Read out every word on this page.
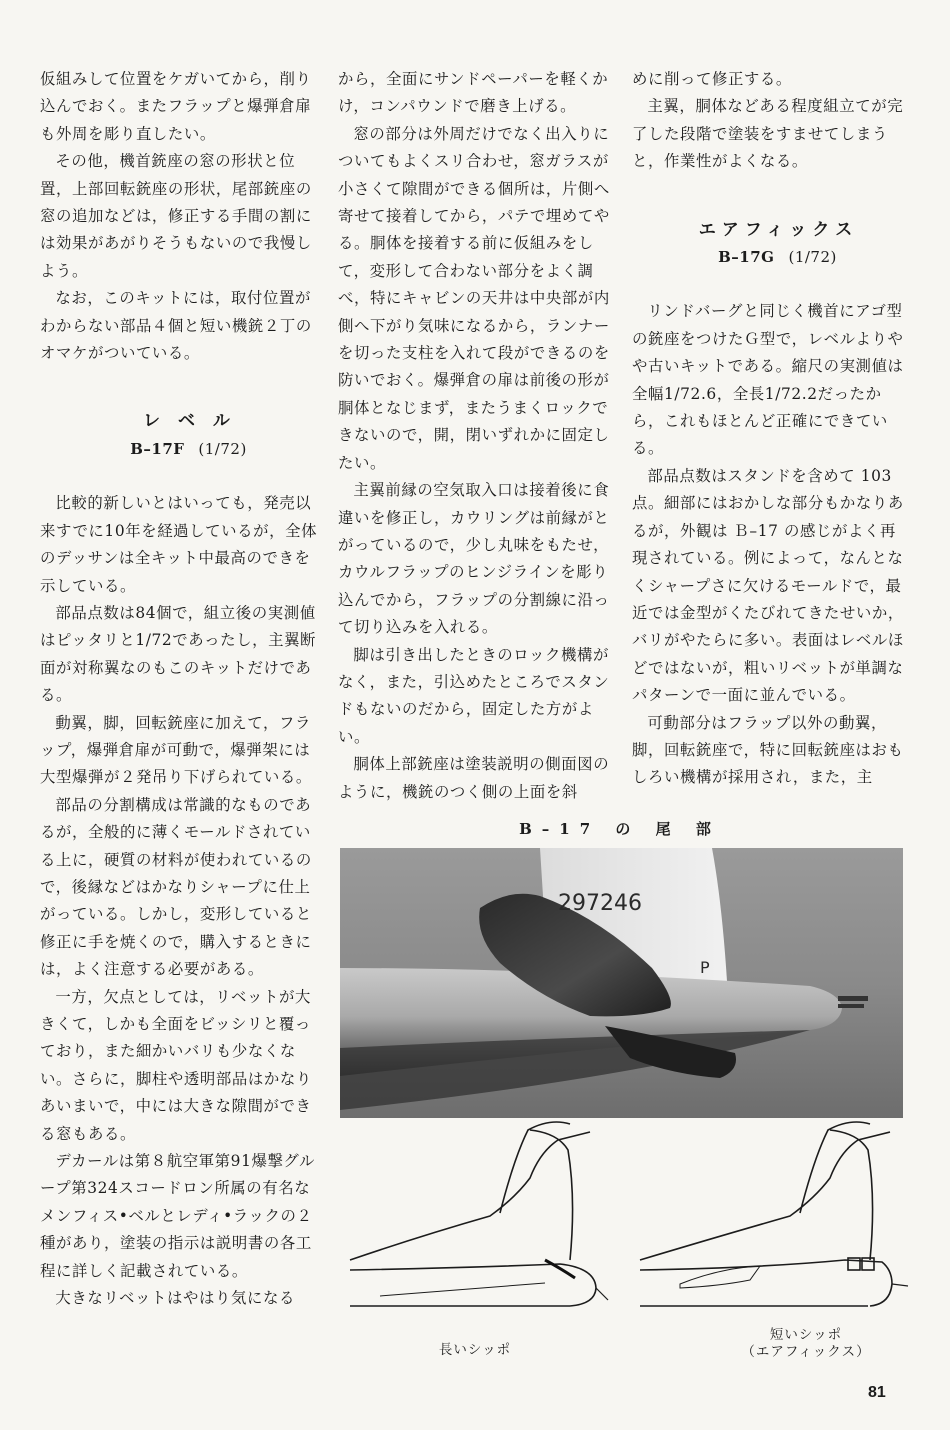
仮組みして位置をケガいてから，削り込んでおく。またフラップと爆弾倉扉も外周を彫り直したい。

その他，機首銃座の窓の形状と位置，上部回転銃座の形状，尾部銃座の窓の追加などは，修正する手間の割には効果があがりそうもないので我慢しよう。

なお，このキットには，取付位置がわからない部品４個と短い機銃２丁のオマケがついている。

レ ベ ル

B–17F (1/72)

比較的新しいとはいっても，発売以来すでに10年を経過しているが，全体のデッサンは全キット中最高のできを示している。

部品点数は84個で，組立後の実測値はピッタリと1/72であったし，主翼断面が対称翼なのもこのキットだけである。

動翼，脚，回転銃座に加えて，フラップ，爆弾倉扉が可動で，爆弾架には大型爆弾が２発吊り下げられている。

部品の分割構成は常識的なものであるが，全般的に薄くモールドされている上に，硬質の材料が使われているので，後縁などはかなりシャープに仕上がっている。しかし，変形していると修正に手を焼くので，購入するときには，よく注意する必要がある。

一方，欠点としては，リベットが大きくて，しかも全面をビッシリと覆っており，また細かいバリも少なくない。さらに，脚柱や透明部品はかなりあいまいで，中には大きな隙間ができる窓もある。

デカールは第８航空軍第91爆撃グループ第324スコードロン所属の有名なメンフィス•ベルとレディ•ラックの２種があり，塗装の指示は説明書の各工程に詳しく記載されている。

大きなリベットはやはり気になる

から，全面にサンドペーパーを軽くかけ，コンパウンドで磨き上げる。

窓の部分は外周だけでなく出入りについてもよくスリ合わせ，窓ガラスが小さくて隙間ができる個所は，片側へ寄せて接着してから，パテで埋めてやる。胴体を接着する前に仮組みをして，変形して合わない部分をよく調べ，特にキャビンの天井は中央部が内側へ下がり気味になるから，ランナーを切った支柱を入れて段ができるのを防いでおく。爆弾倉の扉は前後の形が胴体となじまず，またうまくロックできないので，開，閉いずれかに固定したい。

主翼前縁の空気取入口は接着後に食違いを修正し，カウリングは前縁がとがっているので，少し丸味をもたせ，カウルフラップのヒンジラインを彫り込んでから，フラップの分割線に沿って切り込みを入れる。

脚は引き出したときのロック機構がなく，また，引込めたところでスタンドもないのだから，固定した方がよい。

胴体上部銃座は塗装説明の側面図のように，機銃のつく側の上面を斜

めに削って修正する。

主翼，胴体などある程度組立てが完了した段階で塗装をすませてしまうと，作業性がよくなる。

エアフィックス

B–17G (1/72)

リンドバーグと同じく機首にアゴ型の銃座をつけたＧ型で，レベルよりやや古いキットである。縮尺の実測値は全幅1/72.6，全長1/72.2だったから，これもほとんど正確にできている。

部品点数はスタンドを含めて 103点。細部にはおかしな部分もかなりあるが，外観は Ｂ–17 の感じがよく再現されている。例によって，なんとなくシャープさに欠けるモールドで，最近では金型がくたびれてきたせいか，バリがやたらに多い。表面はレベルほどではないが，粗いリベットが単調なパターンで一面に並んでいる。

可動部分はフラップ以外の動翼，脚，回転銃座で，特に回転銃座はおもしろい機構が採用され，また，主

B–17 の 尾 部
297246
P
長いシッポ
短いシッポ
（エアフィックス）
81
